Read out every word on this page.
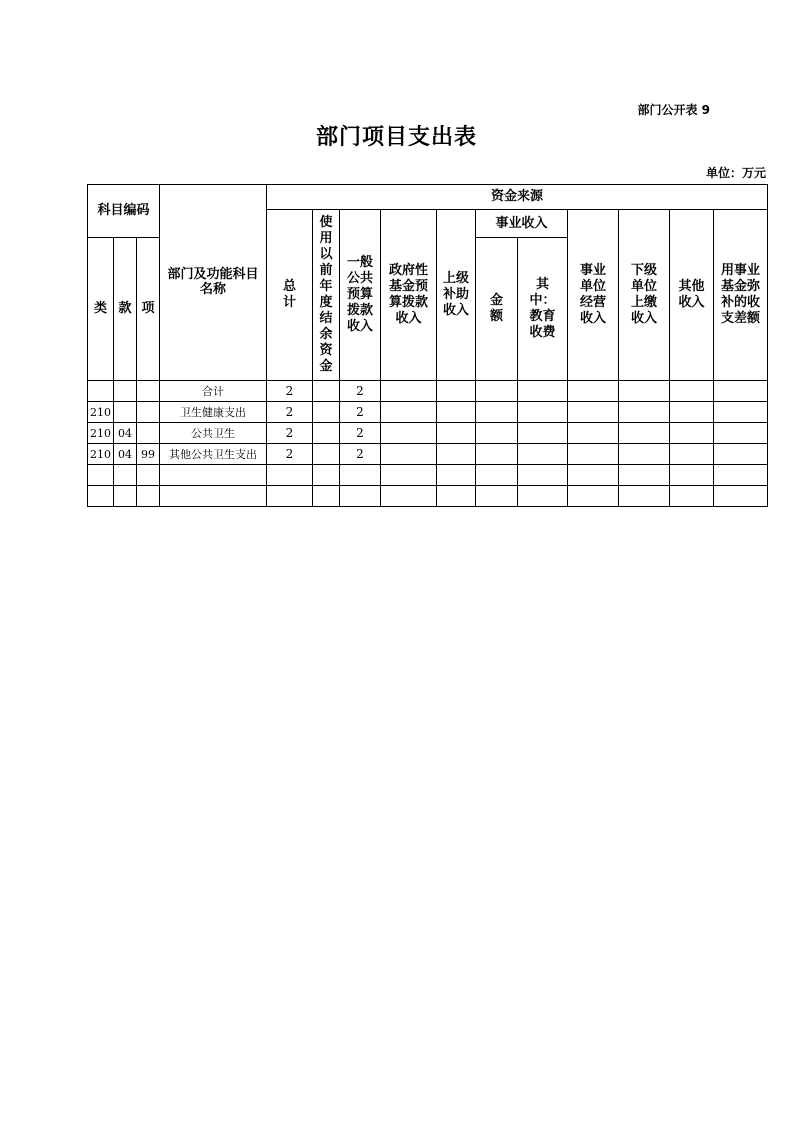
部门公开表 9
部门项目支出表
单位：万元
科目编码			部门及功能科目名称	资金来源										
				总计	使用以前年度结余资金	一般公共预算拨款收入	政府性基金预算拨款收入	上级补助收入	事业收入		事业单位经营收入	下级单位上缴收入	其他收入	用事业基金弥补的收支差额
类	款	项							金额	其中：教育收费				

			合计	2		2								
210			卫生健康支出	2		2								
210	04		公共卫生	2		2								
210	04	99	其他公共卫生支出	2		2								
